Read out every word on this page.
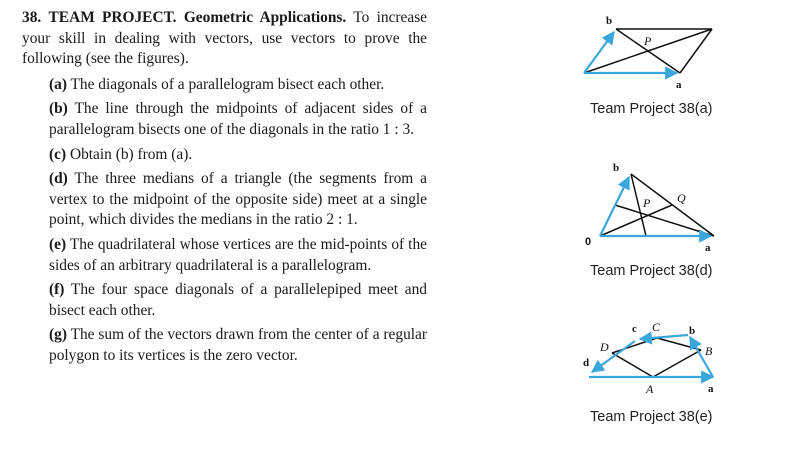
38. TEAM PROJECT. Geometric Applications. To increase your skill in dealing with vectors, use vectors to prove the following (see the figures).

(a) The diagonals of a parallelogram bisect each other.

(b) The line through the midpoints of adjacent sides of a parallelogram bisects one of the diagonals in the ratio 1 : 3.

(c) Obtain (b) from (a).

(d) The three medians of a triangle (the segments from a vertex to the midpoint of the opposite side) meet at a single point, which divides the medians in the ratio 2 : 1.

(e) The quadrilateral whose vertices are the mid-points of the sides of an arbitrary quadrilateral is a parallelogram.

(f) The four space diagonals of a parallelepiped meet and bisect each other.

(g) The sum of the vectors drawn from the center of a regular polygon to its vertices is the zero vector.

b
P
a
b
P Q
0	a
c C	b
D	B
d
A	a
Team Project 38(a)
Team Project 38(d)
Team Project 38(e)
